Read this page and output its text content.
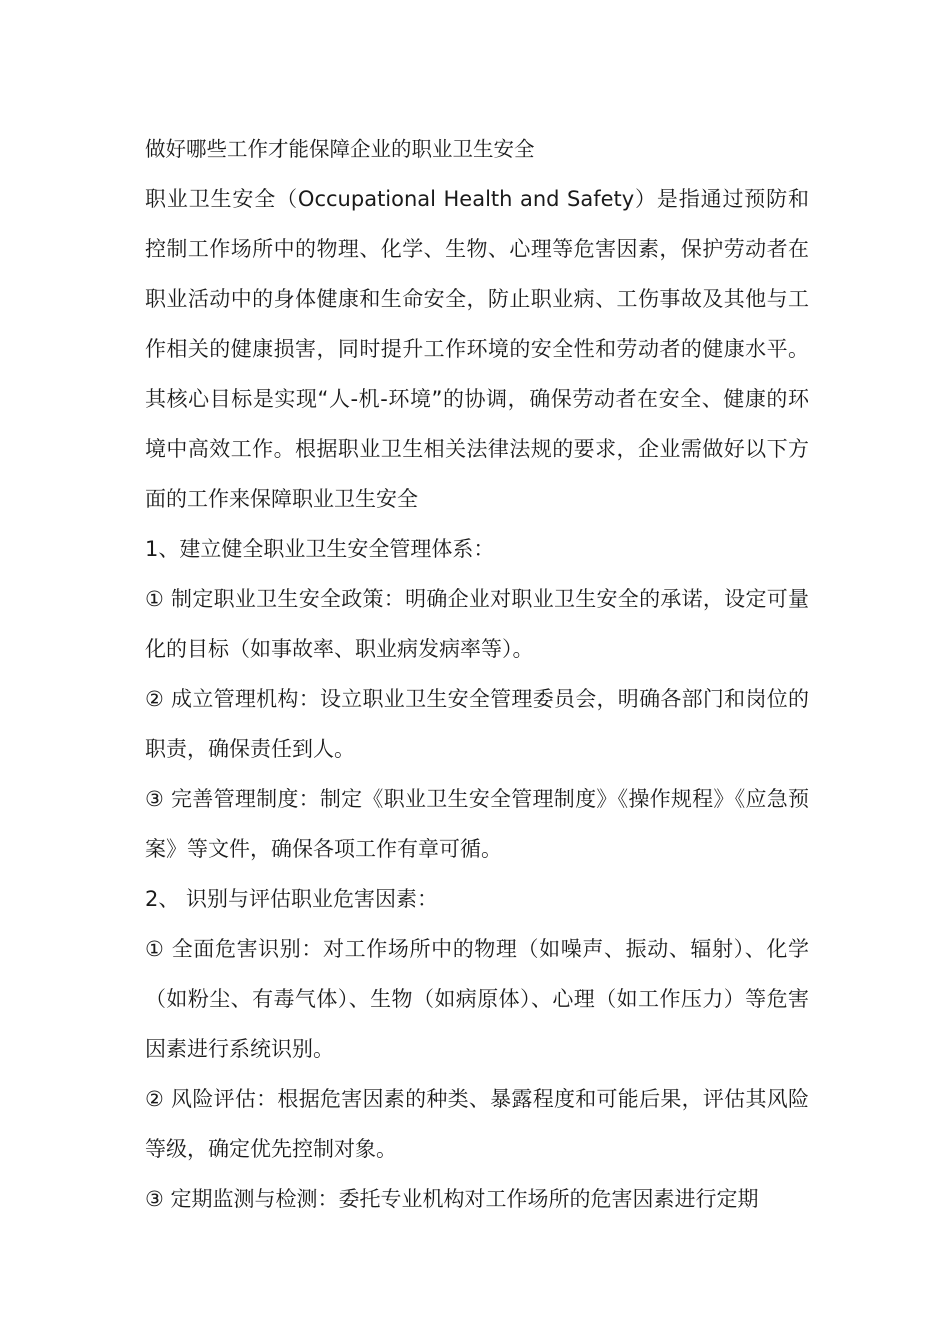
做好哪些工作才能保障企业的职业卫生安全

职业卫生安全（Occupational Health and Safety）是指通过预防和控制工作场所中的物理、化学、生物、心理等危害因素，保护劳动者在职业活动中的身体健康和生命安全，防止职业病、工伤事故及其他与工作相关的健康损害，同时提升工作环境的安全性和劳动者的健康水平。其核心目标是实现“人-机-环境”的协调，确保劳动者在安全、健康的环境中高效工作。根据职业卫生相关法律法规的要求，企业需做好以下方面的工作来保障职业卫生安全

1、建立健全职业卫生安全管理体系：

① 制定职业卫生安全政策：明确企业对职业卫生安全的承诺，设定可量化的目标（如事故率、职业病发病率等）。

② 成立管理机构：设立职业卫生安全管理委员会，明确各部门和岗位的职责，确保责任到人。

③ 完善管理制度：制定《职业卫生安全管理制度》《操作规程》《应急预案》等文件，确保各项工作有章可循。

2、 识别与评估职业危害因素：

① 全面危害识别：对工作场所中的物理（如噪声、振动、辐射）、化学（如粉尘、有毒气体）、生物（如病原体）、心理（如工作压力）等危害因素进行系统识别。

② 风险评估：根据危害因素的种类、暴露程度和可能后果，评估其风险等级，确定优先控制对象。

③ 定期监测与检测：委托专业机构对工作场所的危害因素进行定期
